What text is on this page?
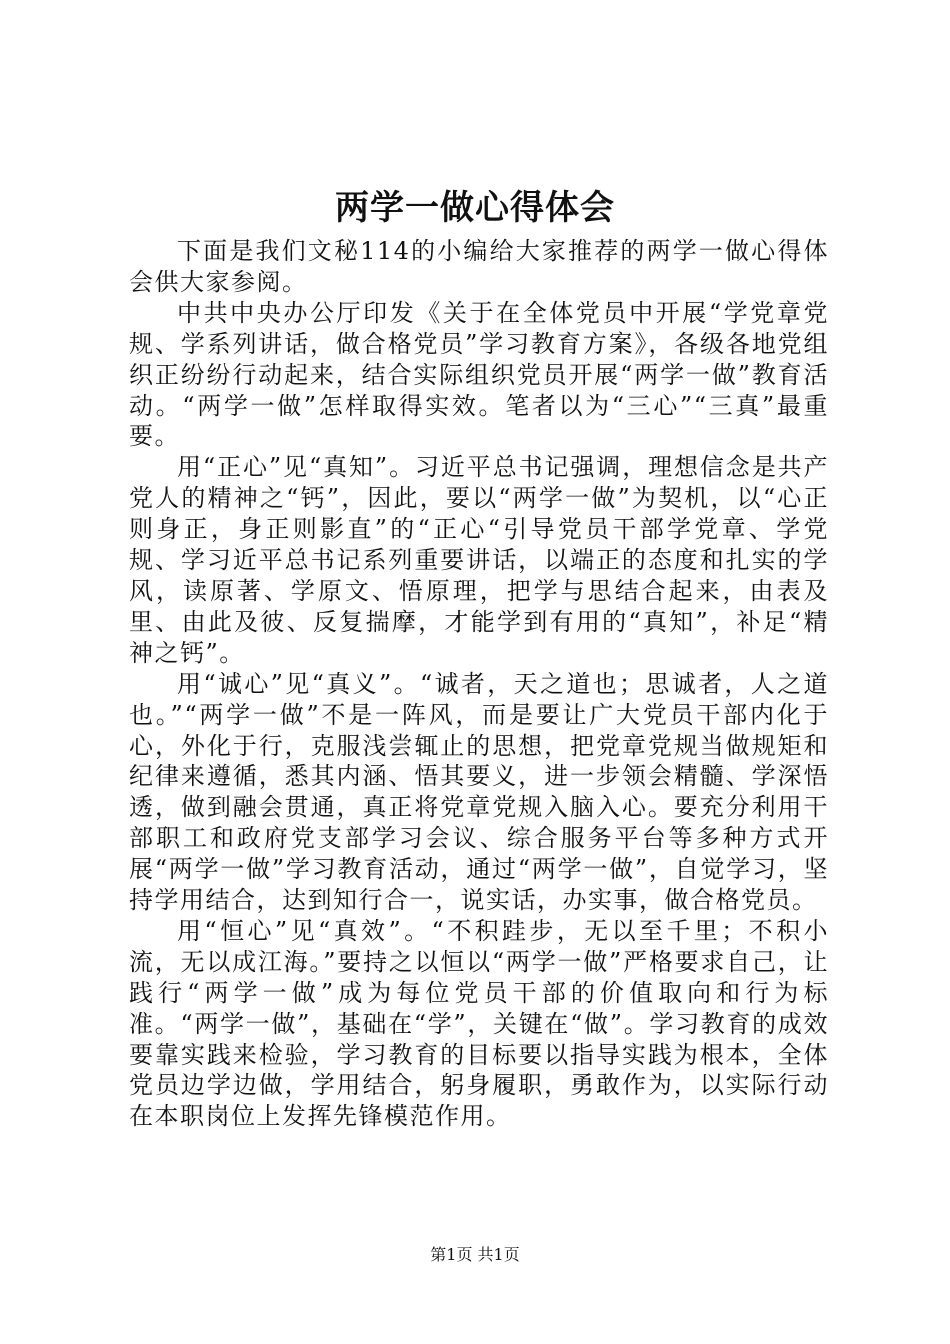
两学一做心得体会

下面是我们文秘114的小编给大家推荐的两学一做心得体会供大家参阅。

中共中央办公厅印发《关于在全体党员中开展“学党章党规、学系列讲话，做合格党员”学习教育方案》，各级各地党组织正纷纷行动起来，结合实际组织党员开展“两学一做”教育活动。“两学一做”怎样取得实效。笔者以为“三心”“三真”最重要。

用“正心”见“真知”。习近平总书记强调，理想信念是共产党人的精神之“钙”，因此，要以“两学一做”为契机，以“心正则身正，身正则影直”的“正心“引导党员干部学党章、学党规、学习近平总书记系列重要讲话，以端正的态度和扎实的学风，读原著、学原文、悟原理，把学与思结合起来，由表及里、由此及彼、反复揣摩，才能学到有用的“真知”，补足“精神之钙”。

用“诚心”见“真义”。“诚者，天之道也；思诚者，人之道也。”“两学一做”不是一阵风，而是要让广大党员干部内化于心，外化于行，克服浅尝辄止的思想，把党章党规当做规矩和纪律来遵循，悉其内涵、悟其要义，进一步领会精髓、学深悟透，做到融会贯通，真正将党章党规入脑入心。要充分利用干部职工和政府党支部学习会议、综合服务平台等多种方式开展“两学一做”学习教育活动，通过“两学一做”，自觉学习，坚持学用结合，达到知行合一，说实话，办实事，做合格党员。

用“恒心”见“真效”。“不积跬步，无以至千里；不积小流，无以成江海。”要持之以恒以“两学一做”严格要求自己，让践行“两学一做”成为每位党员干部的价值取向和行为标准。“两学一做”，基础在“学”，关键在“做”。学习教育的成效要靠实践来检验，学习教育的目标要以指导实践为根本，全体党员边学边做，学用结合，躬身履职，勇敢作为，以实际行动在本职岗位上发挥先锋模范作用。

第1页 共1页
